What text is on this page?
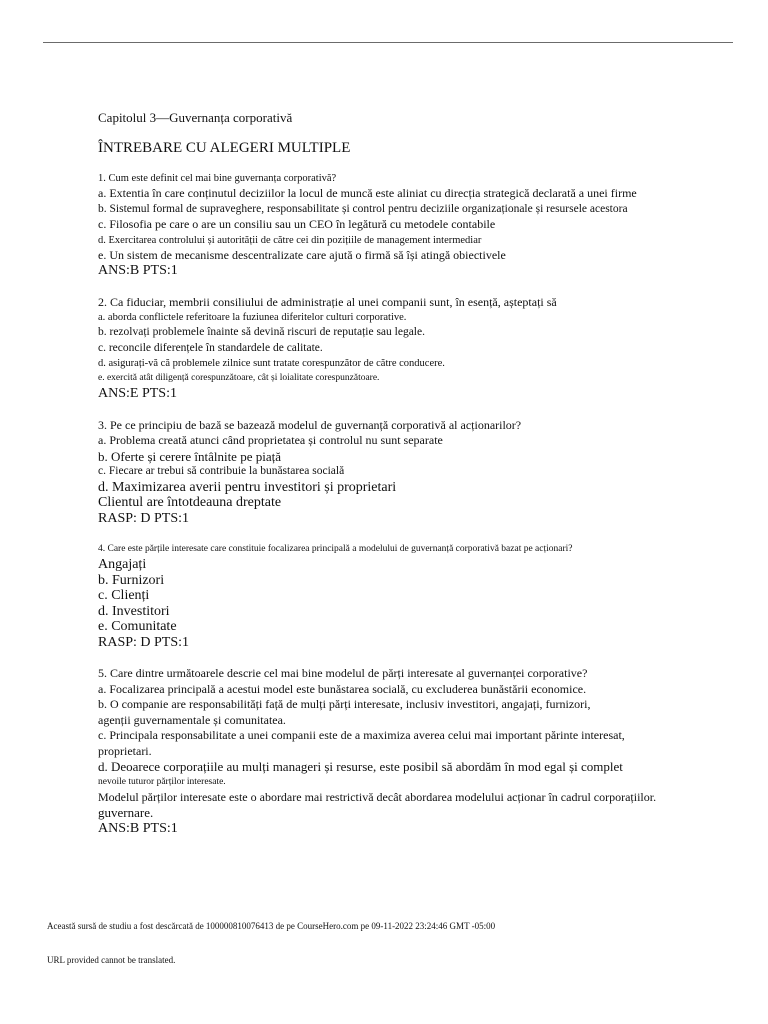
Capitolul 3—Guvernanța corporativă
ÎNTREBARE CU ALEGERI MULTIPLE
1. Cum este definit cel mai bine guvernanța corporativă?
a. Extentia în care conținutul deciziilor la locul de muncă este aliniat cu direcția strategică declarată a unei firme
b. Sistemul formal de supraveghere, responsabilitate și control pentru deciziile organizaționale și resursele acestora
c. Filosofia pe care o are un consiliu sau un CEO în legătură cu metodele contabile
d. Exercitarea controlului și autorității de către cei din pozițiile de management intermediar
e. Un sistem de mecanisme descentralizate care ajută o firmă să își atingă obiectivele
ANS:B PTS:1
2. Ca fiduciar, membrii consiliului de administrație al unei companii sunt, în esență, așteptați să
a. aborda conflictele referitoare la fuziunea diferitelor culturi corporative.
b. rezolvați problemele înainte să devină riscuri de reputație sau legale.
c. reconcile diferențele în standardele de calitate.
d. asigurați-vă că problemele zilnice sunt tratate corespunzător de către conducere.
e. exercită atât diligență corespunzătoare, cât și loialitate corespunzătoare.
ANS:E PTS:1
3. Pe ce principiu de bază se bazează modelul de guvernanță corporativă al acționarilor?
a. Problema creată atunci când proprietatea și controlul nu sunt separate
b. Oferte și cerere întâlnite pe piață
c. Fiecare ar trebui să contribuie la bunăstarea socială
d. Maximizarea averii pentru investitori și proprietari
Clientul are întotdeauna dreptate
RASP: D PTS:1
4. Care este părțile interesate care constituie focalizarea principală a modelului de guvernanță corporativă bazat pe acționari?
Angajați
b. Furnizori
c. Clienți
d. Investitori
e. Comunitate
RASP: D PTS:1
5. Care dintre următoarele descrie cel mai bine modelul de părți interesate al guvernanței corporative?
a. Focalizarea principală a acestui model este bunăstarea socială, cu excluderea bunăstării economice.
b. O companie are responsabilități față de mulți părți interesate, inclusiv investitori, angajați, furnizori,
agenții guvernamentale și comunitatea.
c. Principala responsabilitate a unei companii este de a maximiza averea celui mai important părinte interesat,
proprietari.
d. Deoarece corporațiile au mulți manageri și resurse, este posibil să abordăm în mod egal și complet
nevoile tuturor părților interesate.
Modelul părților interesate este o abordare mai restrictivă decât abordarea modelului acționar în cadrul corporațiilor.
guvernare.
ANS:B PTS:1
Această sursă de studiu a fost descărcată de 100000810076413 de pe CourseHero.com pe 09-11-2022 23:24:46 GMT -05:00
URL provided cannot be translated.
